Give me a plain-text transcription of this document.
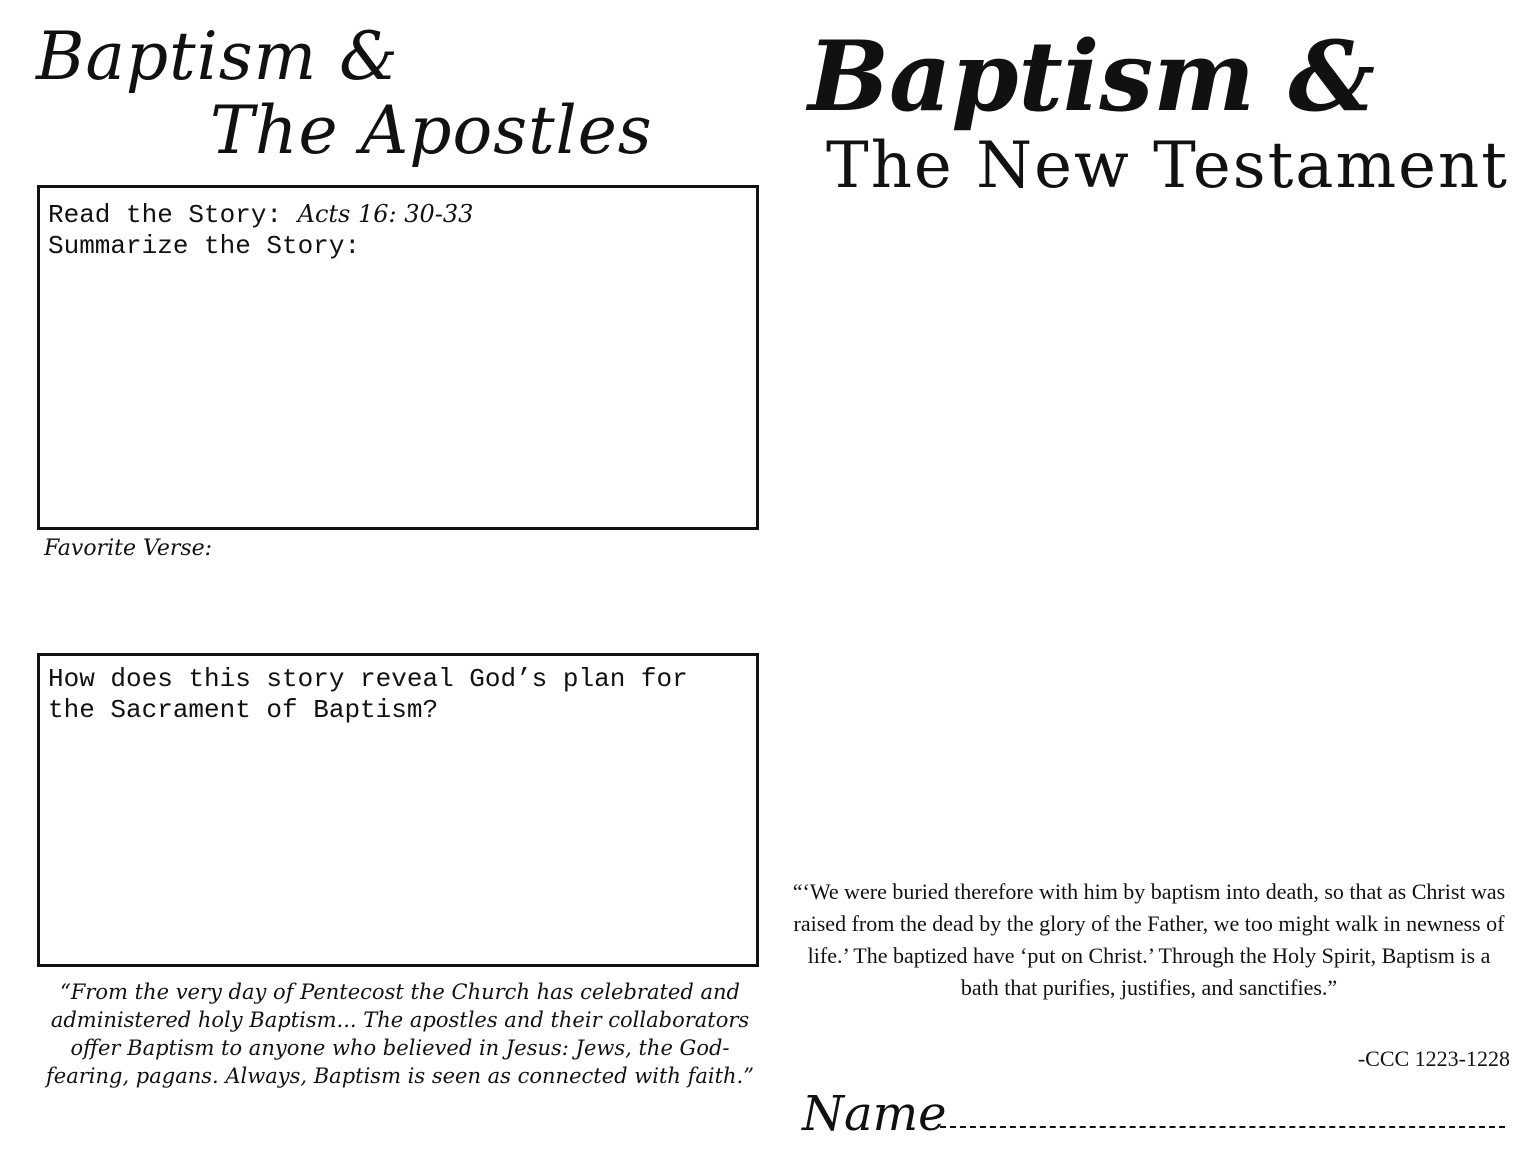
Baptism &
The Apostles
Read the Story: Acts 16: 30-33
Summarize the Story:
Favorite Verse:
How does this story reveal God’s plan for the Sacrament of Baptism?
“From the very day of Pentecost the Church has celebrated and administered holy Baptism... The apostles and their collaborators offer Baptism to anyone who believed in Jesus: Jews, the God-fearing, pagans. Always, Baptism is seen as connected with faith.”
Baptism &
The New Testament
“‘We were buried therefore with him by baptism into death, so that as Christ was raised from the dead by the glory of the Father, we too might walk in newness of life.’ The baptized have ‘put on Christ.’ Through the Holy Spirit, Baptism is a bath that purifies, justifies, and sanctifies.”
-CCC 1223-1228
Name
